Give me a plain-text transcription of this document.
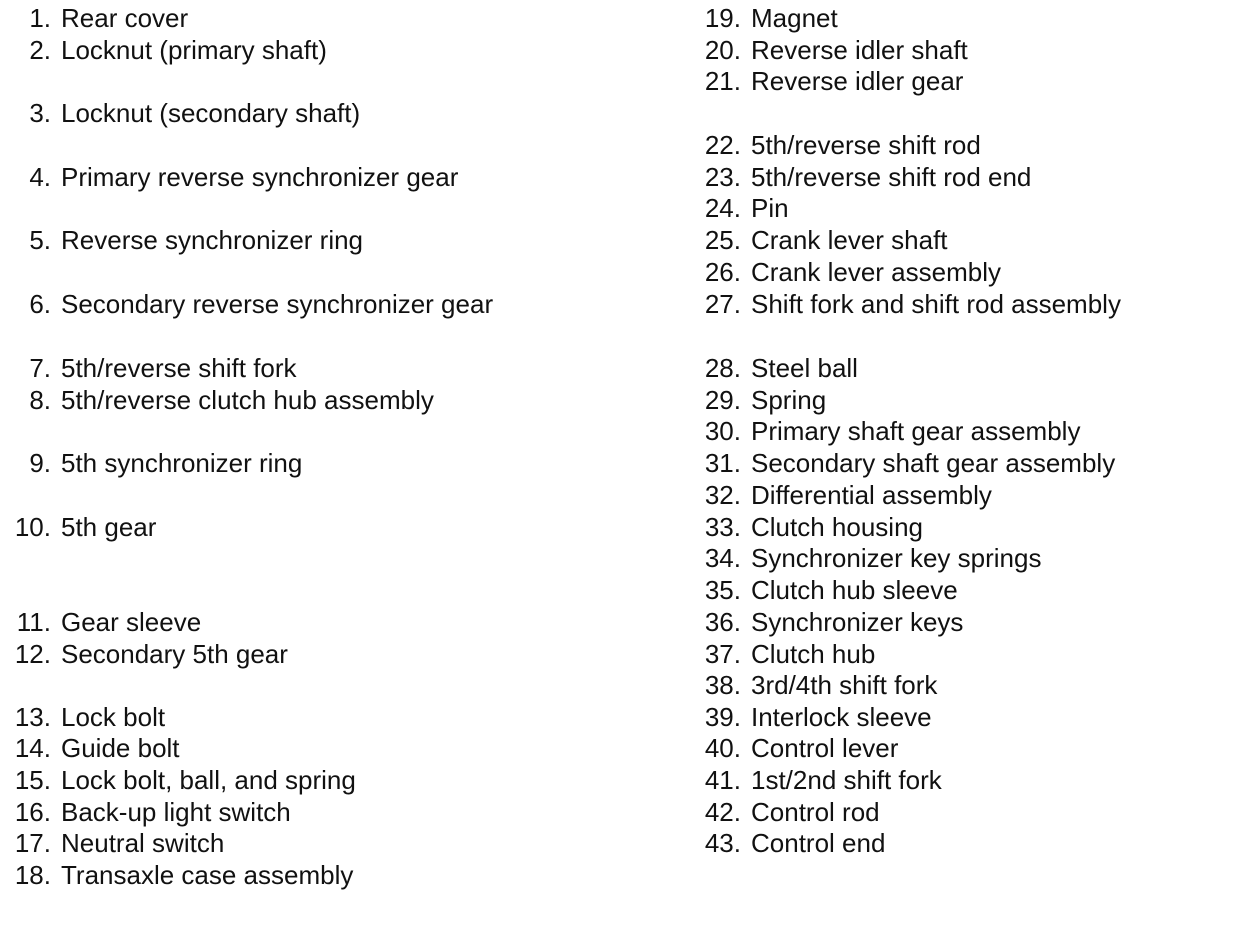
1. Rear cover
2. Locknut (primary shaft)
3. Locknut (secondary shaft)
4. Primary reverse synchronizer gear
5. Reverse synchronizer ring
6. Secondary reverse synchronizer gear
7. 5th/reverse shift fork
8. 5th/reverse clutch hub assembly
9. 5th synchronizer ring
10. 5th gear
11. Gear sleeve
12. Secondary 5th gear
13. Lock bolt
14. Guide bolt
15. Lock bolt, ball, and spring
16. Back-up light switch
17. Neutral switch
18. Transaxle case assembly
19. Magnet
20. Reverse idler shaft
21. Reverse idler gear
22. 5th/reverse shift rod
23. 5th/reverse shift rod end
24. Pin
25. Crank lever shaft
26. Crank lever assembly
27. Shift fork and shift rod assembly
28. Steel ball
29. Spring
30. Primary shaft gear assembly
31. Secondary shaft gear assembly
32. Differential assembly
33. Clutch housing
34. Synchronizer key springs
35. Clutch hub sleeve
36. Synchronizer keys
37. Clutch hub
38. 3rd/4th shift fork
39. Interlock sleeve
40. Control lever
41. 1st/2nd shift fork
42. Control rod
43. Control end
